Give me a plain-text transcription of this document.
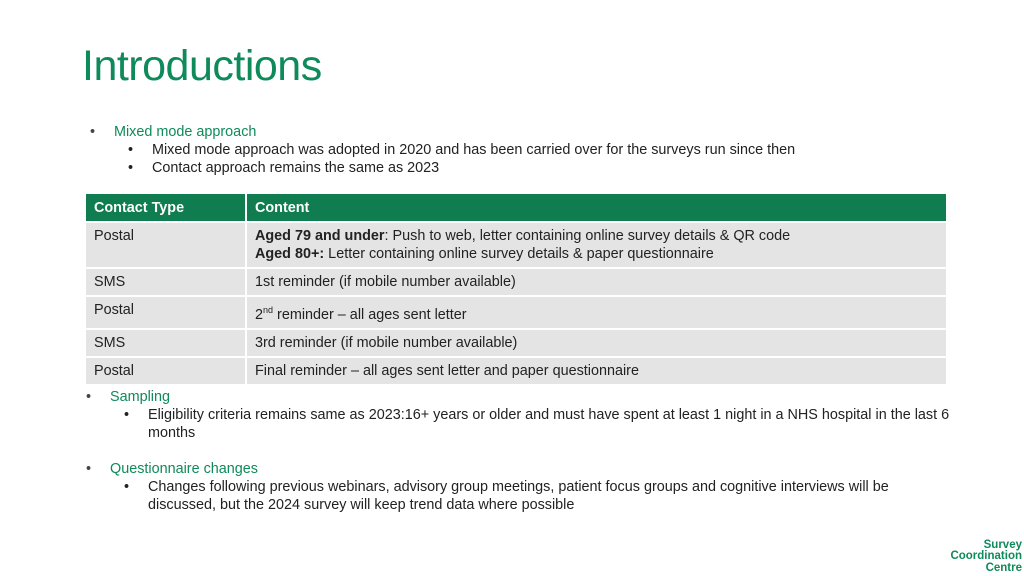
Introductions
• Mixed mode approach
• Mixed mode approach was adopted in 2020 and has been carried over for the surveys run since then
• Contact approach remains the same as 2023
Contact Type	Content
Postal	Aged 79 and under: Push to web, letter containing online survey details & QR code
Aged 80+: Letter containing online survey details & paper questionnaire

SMS	1st reminder (if mobile number available)
Postal	2nd reminder – all ages sent letter
SMS	3rd reminder (if mobile number available)
Postal	Final reminder – all ages sent letter and paper questionnaire
• Sampling
• Eligibility criteria remains same as 2023:16+ years or older and must have spent at least 1 night in a NHS hospital in the last 6 months
• Questionnaire changes
• Changes following previous webinars, advisory group meetings, patient focus groups and cognitive interviews will be discussed, but the 2024 survey will keep trend data where possible
Survey
Coordination
Centre
